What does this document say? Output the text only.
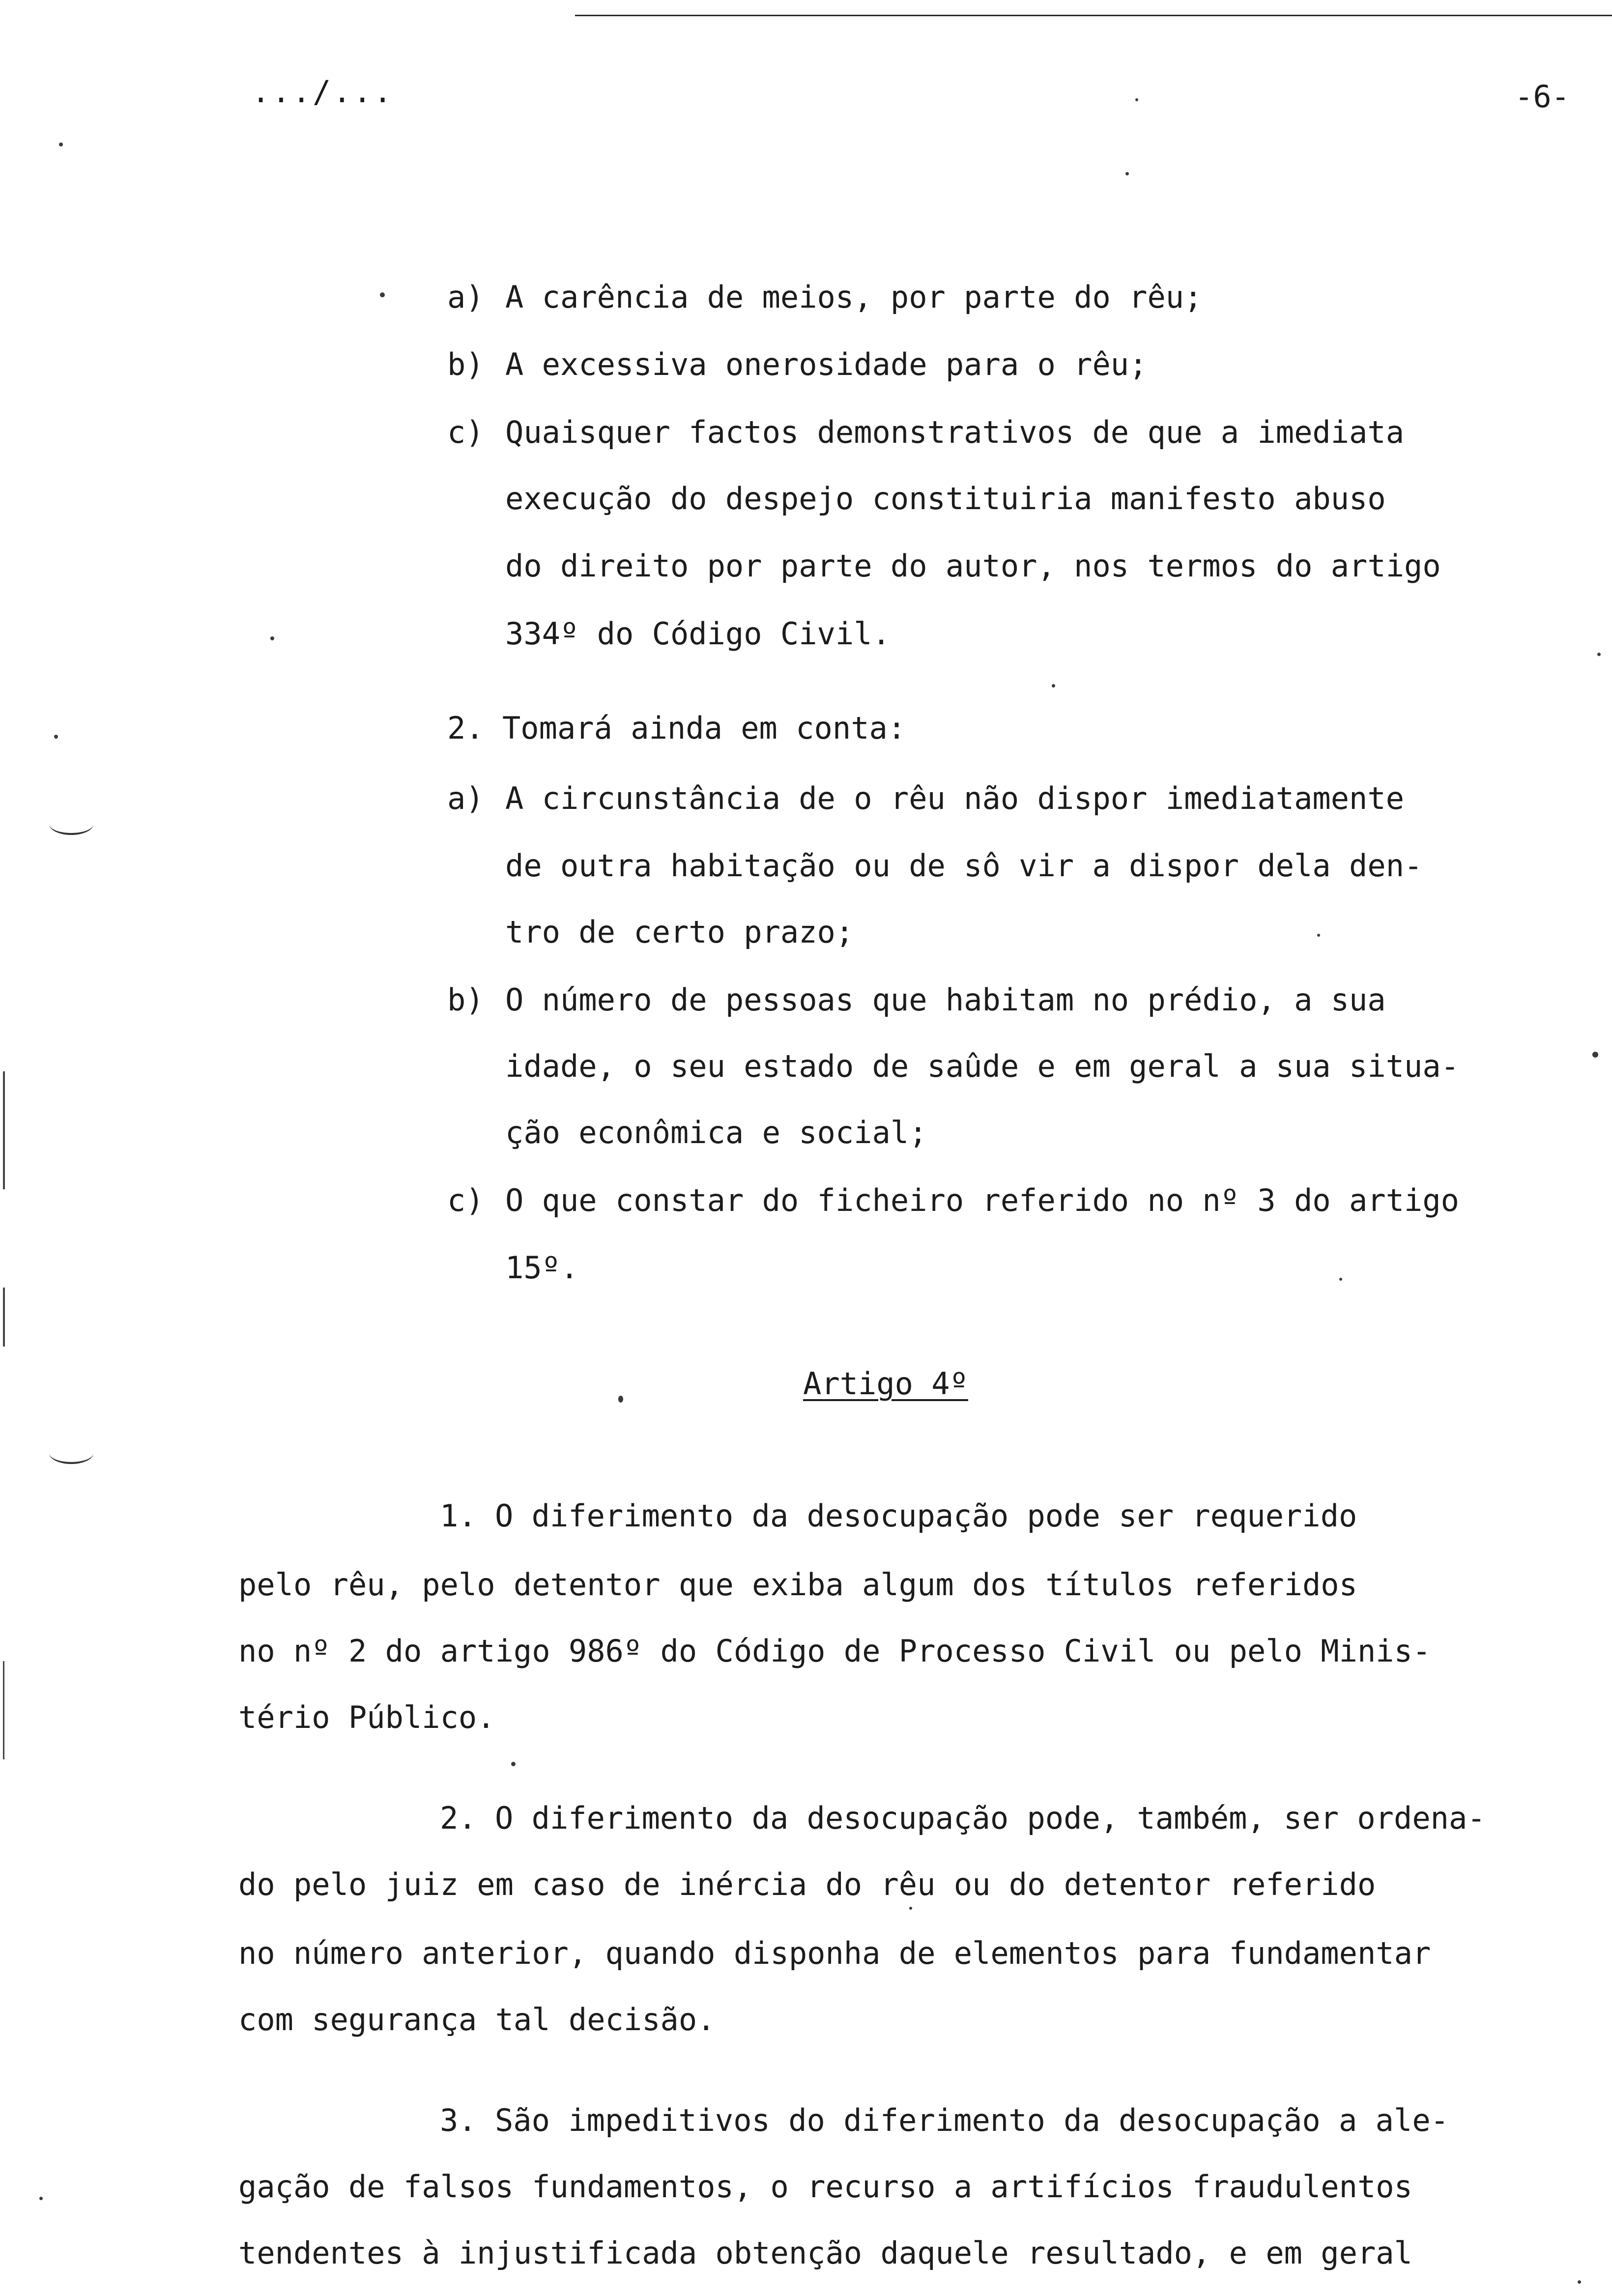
.../...	-6-
a) A carência de meios, por parte do rêu;
b) A excessiva onerosidade para o rêu;
c) Quaisquer factos demonstrativos de que a imediata
execução do despejo constituiria manifesto abuso
do direito por parte do autor, nos termos do artigo
334º do Código Civil.
2. Tomará ainda em conta:
a) A circunstância de o rêu não dispor imediatamente
de outra habitação ou de sô vir a dispor dela den-
tro de certo prazo;
b) O número de pessoas que habitam no prédio, a sua
idade, o seu estado de saûde e em geral a sua situa-
ção econômica e social;
c) O que constar do ficheiro referido no nº 3 do artigo
15º.
Artigo 4º
1. O diferimento da desocupação pode ser requerido
pelo rêu, pelo detentor que exiba algum dos títulos referidos
no nº 2 do artigo 986º do Código de Processo Civil ou pelo Minis-
tério Público.
2. O diferimento da desocupação pode, também, ser ordena-
do pelo juiz em caso de inércia do rêu ou do detentor referido
no número anterior, quando disponha de elementos para fundamentar
com segurança tal decisão.
3. São impeditivos do diferimento da desocupação a ale-
gação de falsos fundamentos, o recurso a artifícios fraudulentos
tendentes à injustificada obtenção daquele resultado, e em geral
